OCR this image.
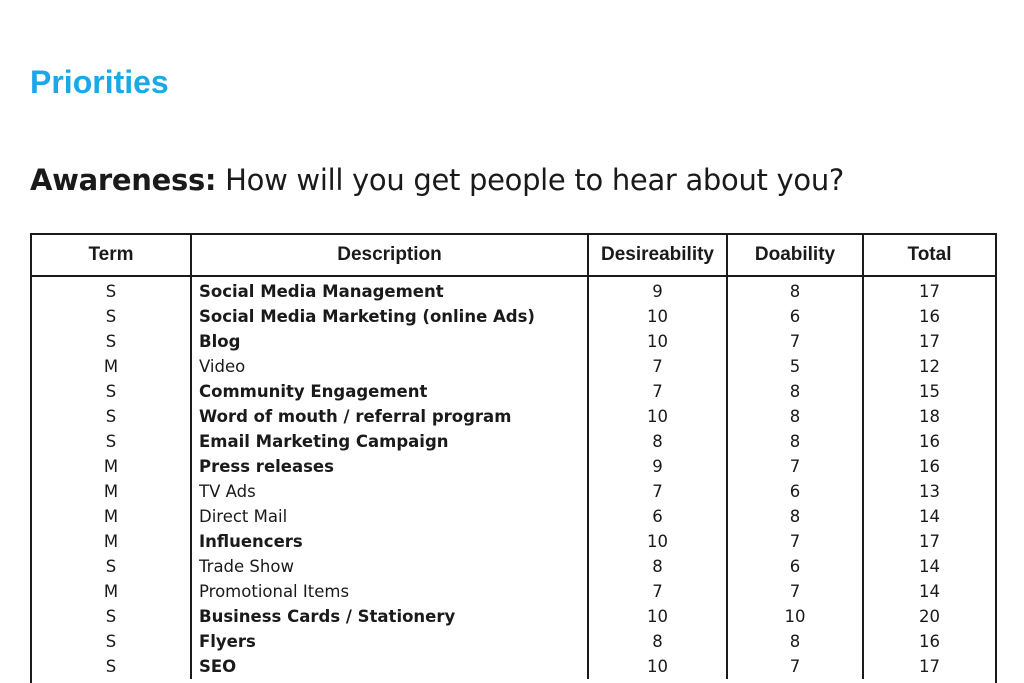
Priorities

Awareness: How will you get people to hear about you?

Term	Description	Desireability	Doability	Total
S	Social Media Management	9	8	17
S	Social Media Marketing (online Ads)	10	6	16
S	Blog	10	7	17
M	Video	7	5	12
S	Community Engagement	7	8	15
S	Word of mouth / referral program	10	8	18
S	Email Marketing Campaign	8	8	16
M	Press releases	9	7	16
M	TV Ads	7	6	13
M	Direct Mail	6	8	14
M	Influencers	10	7	17
S	Trade Show	8	6	14
M	Promotional Items	7	7	14
S	Business Cards / Stationery	10	10	20
S	Flyers	8	8	16
S	SEO	10	7	17
